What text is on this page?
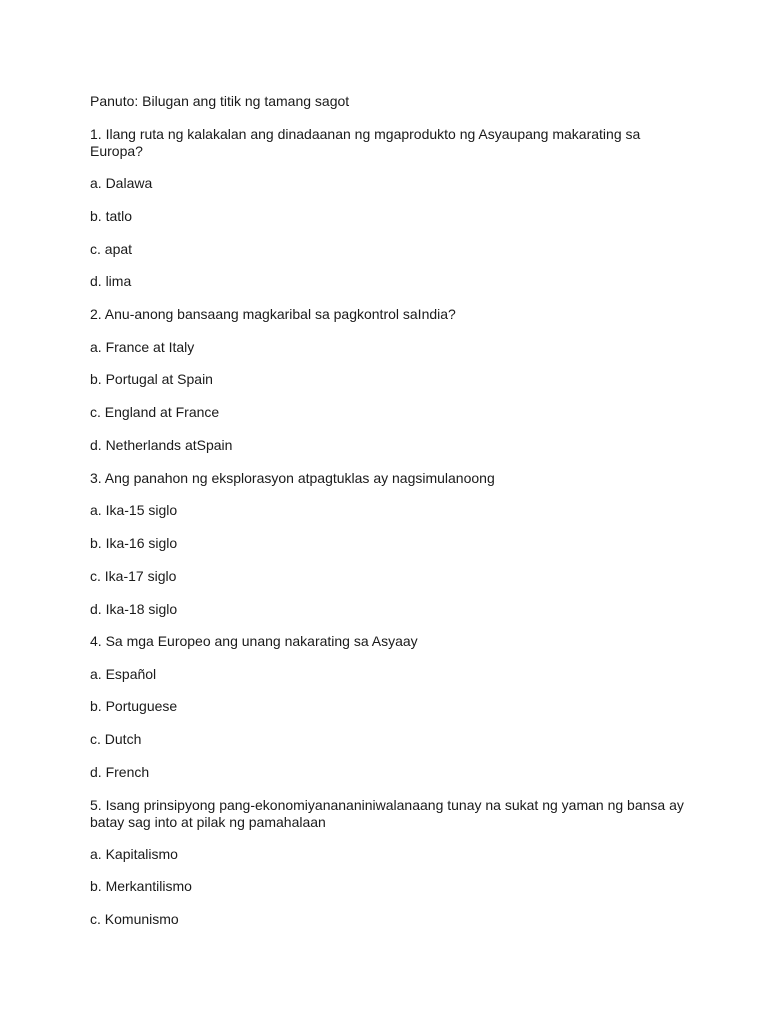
Panuto: Bilugan ang titik ng tamang sagot
1. Ilang ruta ng kalakalan ang dinadaanan ng mgaprodukto ng Asyaupang makarating sa Europa?
a. Dalawa
b. tatlo
c. apat
d. lima
2. Anu-anong bansaang magkaribal sa pagkontrol saIndia?
a. France at Italy
b. Portugal at Spain
c. England at France
d. Netherlands atSpain
3. Ang panahon ng eksplorasyon atpagtuklas ay nagsimulanoong
a. Ika-15 siglo
b. Ika-16 siglo
c. Ika-17 siglo
d. Ika-18 siglo
4. Sa mga Europeo ang unang nakarating sa Asyaay
a. Español
b. Portuguese
c. Dutch
d. French
5. Isang prinsipyong pang-ekonomiyanananiniwalanaang tunay na sukat ng yaman ng bansa ay batay sag into at pilak ng pamahalaan
a. Kapitalismo
b. Merkantilismo
c. Komunismo
